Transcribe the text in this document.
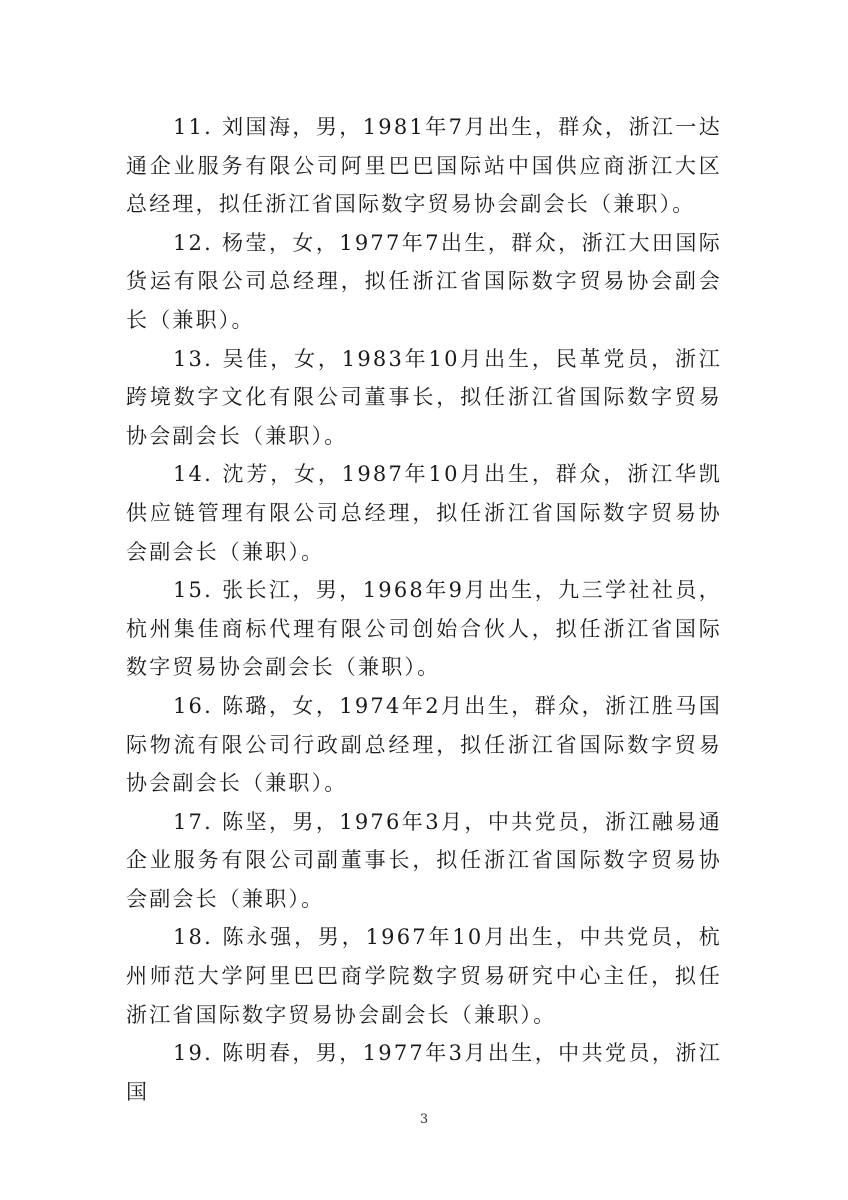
11. 刘国海，男，1981年7月出生，群众，浙江一达通企业服务有限公司阿里巴巴国际站中国供应商浙江大区总经理，拟任浙江省国际数字贸易协会副会长（兼职）。

12. 杨莹，女，1977年7出生，群众，浙江大田国际货运有限公司总经理，拟任浙江省国际数字贸易协会副会长（兼职）。

13. 吴佳，女，1983年10月出生，民革党员，浙江跨境数字文化有限公司董事长，拟任浙江省国际数字贸易协会副会长（兼职）。

14. 沈芳，女，1987年10月出生，群众，浙江华凯供应链管理有限公司总经理，拟任浙江省国际数字贸易协会副会长（兼职）。

15. 张长江，男，1968年9月出生，九三学社社员，杭州集佳商标代理有限公司创始合伙人，拟任浙江省国际数字贸易协会副会长（兼职）。

16. 陈璐，女，1974年2月出生，群众，浙江胜马国际物流有限公司行政副总经理，拟任浙江省国际数字贸易协会副会长（兼职）。

17. 陈坚，男，1976年3月，中共党员，浙江融易通企业服务有限公司副董事长，拟任浙江省国际数字贸易协会副会长（兼职）。

18. 陈永强，男，1967年10月出生，中共党员，杭州师范大学阿里巴巴商学院数字贸易研究中心主任，拟任浙江省国际数字贸易协会副会长（兼职）。

19. 陈明春，男，1977年3月出生，中共党员，浙江国

3
